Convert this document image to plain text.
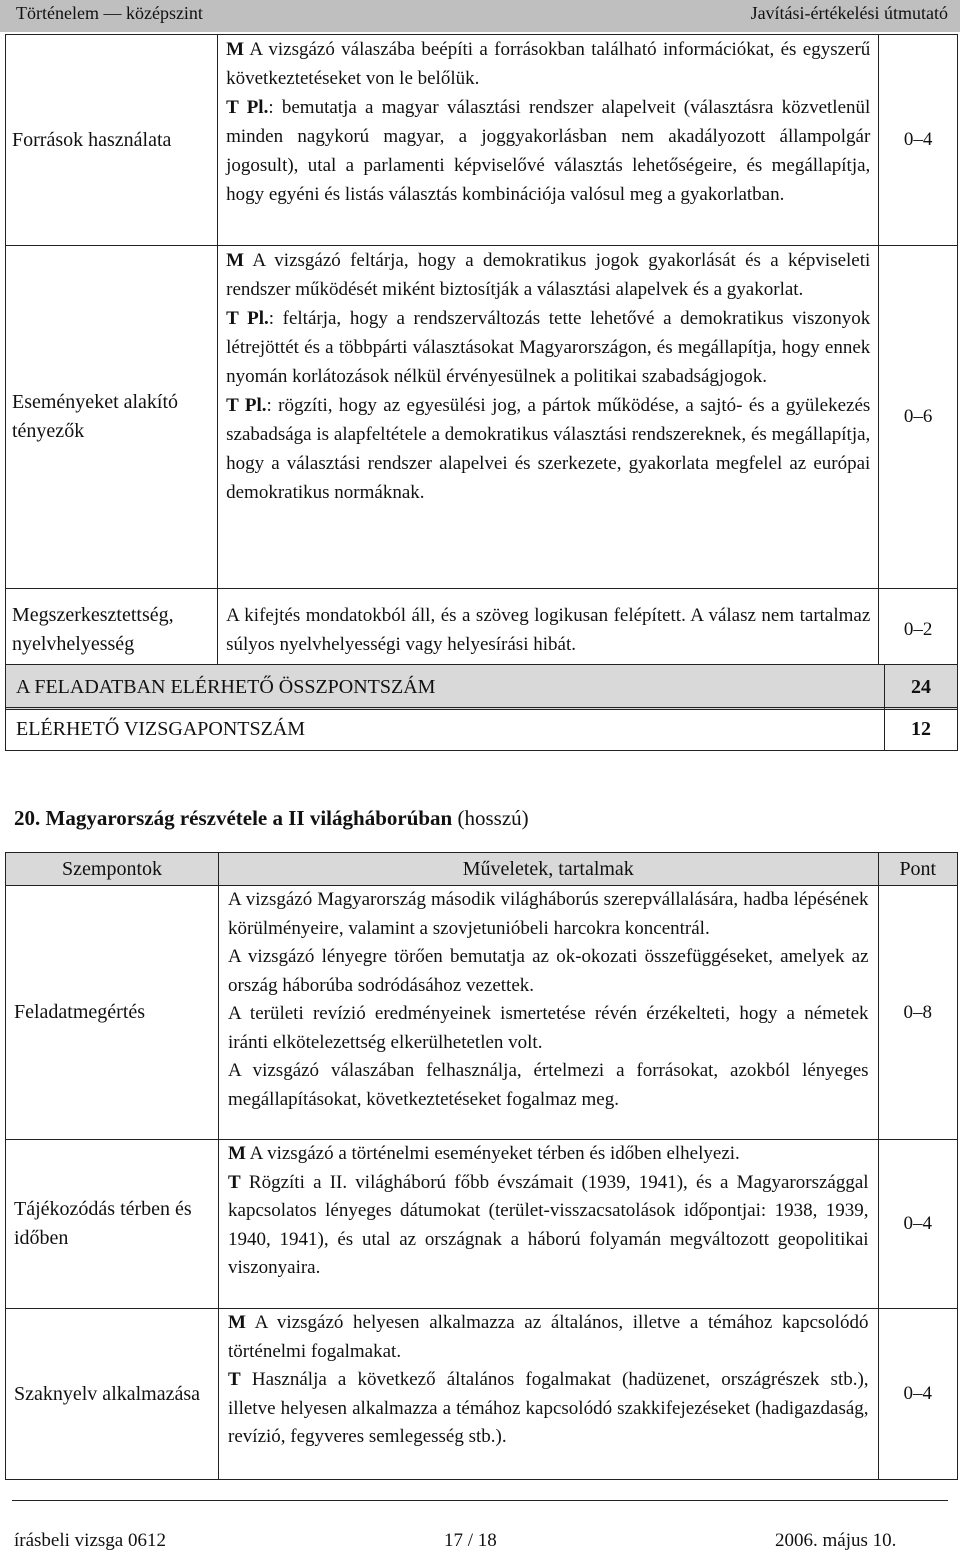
Történelem — középszint	Javítási-értékelési útmutató
Források használata	M A vizsgázó válaszába beépíti a forrásokban található információkat, és egyszerű következtetéseket von le belőlük.

T Pl.: bemutatja a magyar választási rendszer alapelveit (választásra közvetlenül minden nagykorú magyar, a joggyakorlásban nem akadályozott állampolgár jogosult), utal a parlamenti képviselővé választás lehetőségeire, és megállapítja, hogy egyéni és listás választás kombinációja valósul meg a gyakorlatban.	0–4
Eseményeket alakító tényezők	M A vizsgázó feltárja, hogy a demokratikus jogok gyakorlását és a képviseleti rendszer működését miként biztosítják a választási alapelvek és a gyakorlat.

T Pl.: feltárja, hogy a rendszerváltozás tette lehetővé a demokratikus viszonyok létrejöttét és a többpárti választásokat Magyarországon, és megállapítja, hogy ennek nyomán korlátozások nélkül érvényesülnek a politikai szabadságjogok.

T Pl.: rögzíti, hogy az egyesülési jog, a pártok működése, a sajtó- és a gyülekezés szabadsága is alapfeltétele a demokratikus választási rendszereknek, és megállapítja, hogy a választási rendszer alapelvei és szerkezete, gyakorlata megfelel az európai demokratikus normáknak.	0–6
Megszerkesztettség, nyelvhelyesség	A kifejtés mondatokból áll, és a szöveg logikusan felépített. A válasz nem tartalmaz súlyos nyelvhelyességi vagy helyesírási hibát.	0–2
A FELADATBAN ELÉRHETŐ ÖSSZPONTSZÁM	24
ELÉRHETŐ VIZSGAPONTSZÁM	12
20. Magyarország részvétele a II világháborúban (hosszú)
Szempontok	Műveletek, tartalmak	Pont
Feladatmegértés	A vizsgázó Magyarország második világháborús szerepvállalására, hadba lépésének körülményeire, valamint a szovjetunióbeli harcokra koncentrál.

A vizsgázó lényegre törően bemutatja az ok-okozati összefüggéseket, amelyek az ország háborúba sodródásához vezettek.

A területi revízió eredményeinek ismertetése révén érzékelteti, hogy a németek iránti elkötelezettség elkerülhetetlen volt.

A vizsgázó válaszában felhasználja, értelmezi a forrásokat, azokból lényeges megállapításokat, következtetéseket fogalmaz meg.	0–8
Tájékozódás térben és időben	M A vizsgázó a történelmi eseményeket térben és időben elhelyezi.

T Rögzíti a II. világháború főbb évszámait (1939, 1941), és a Magyarországgal kapcsolatos lényeges dátumokat (terület-visszacsatolások időpontjai: 1938, 1939, 1940, 1941), és utal az országnak a háború folyamán megváltozott geopolitikai viszonyaira.	0–4
Szaknyelv alkalmazása	M A vizsgázó helyesen alkalmazza az általános, illetve a témához kapcsolódó történelmi fogalmakat.

T Használja a következő általános fogalmakat (hadüzenet, országrészek stb.), illetve helyesen alkalmazza a témához kapcsolódó szakkifejezéseket (hadigazdaság, revízió, fegyveres semlegesség stb.).	0–4
írásbeli vizsga 0612	17 / 18	2006. május 10.
